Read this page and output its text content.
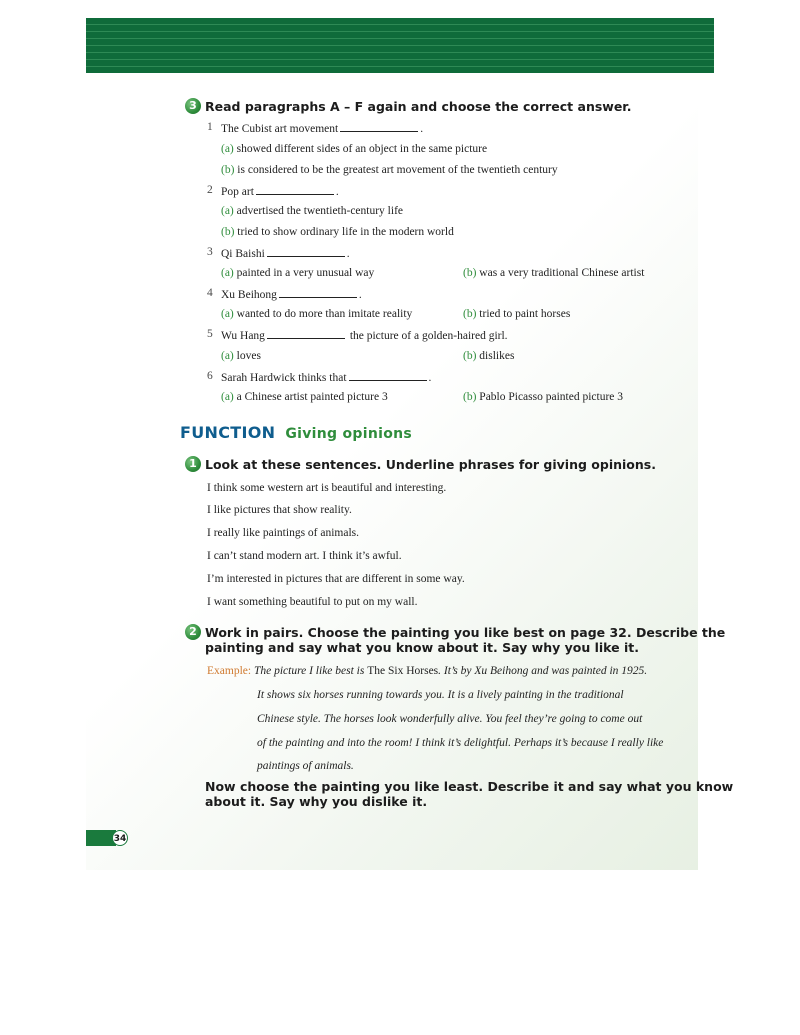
3 Read paragraphs A – F again and choose the correct answer.
1 The Cubist art movement	.
(a) showed different sides of an object in the same picture
(b) is considered to be the greatest art movement of the twentieth century
2 Pop art	.
(a) advertised the twentieth-century life
(b) tried to show ordinary life in the modern world
3 Qi Baishi	.
(a) painted in a very unusual way	(b) was a very traditional Chinese artist
4 Xu Beihong	.
(a) wanted to do more than imitate reality	(b) tried to paint horses
5 Wu Hang	the picture of a golden-haired girl.
(a) loves	(b) dislikes
6 Sarah Hardwick thinks that	.
(a) a Chinese artist painted picture 3	(b) Pablo Picasso painted picture 3
FUNCTION Giving opinions
1 Look at these sentences. Underline phrases for giving opinions.
I think some western art is beautiful and interesting.
I like pictures that show reality.
I really like paintings of animals.
I can’t stand modern art. I think it’s awful.
I’m interested in pictures that are different in some way.
I want something beautiful to put on my wall.
2 Work in pairs. Choose the painting you like best on page 32. Describe the
painting and say what you know about it. Say why you like it.
Example: The picture I like best is The Six Horses. It’s by Xu Beihong and was painted in 1925.
It shows six horses running towards you. It is a lively painting in the traditional
Chinese style. The horses look wonderfully alive. You feel they’re going to come out
of the painting and into the room! I think it’s delightful. Perhaps it’s because I really like
paintings of animals.
Now choose the painting you like least. Describe it and say what you know
about it. Say why you dislike it.
34
